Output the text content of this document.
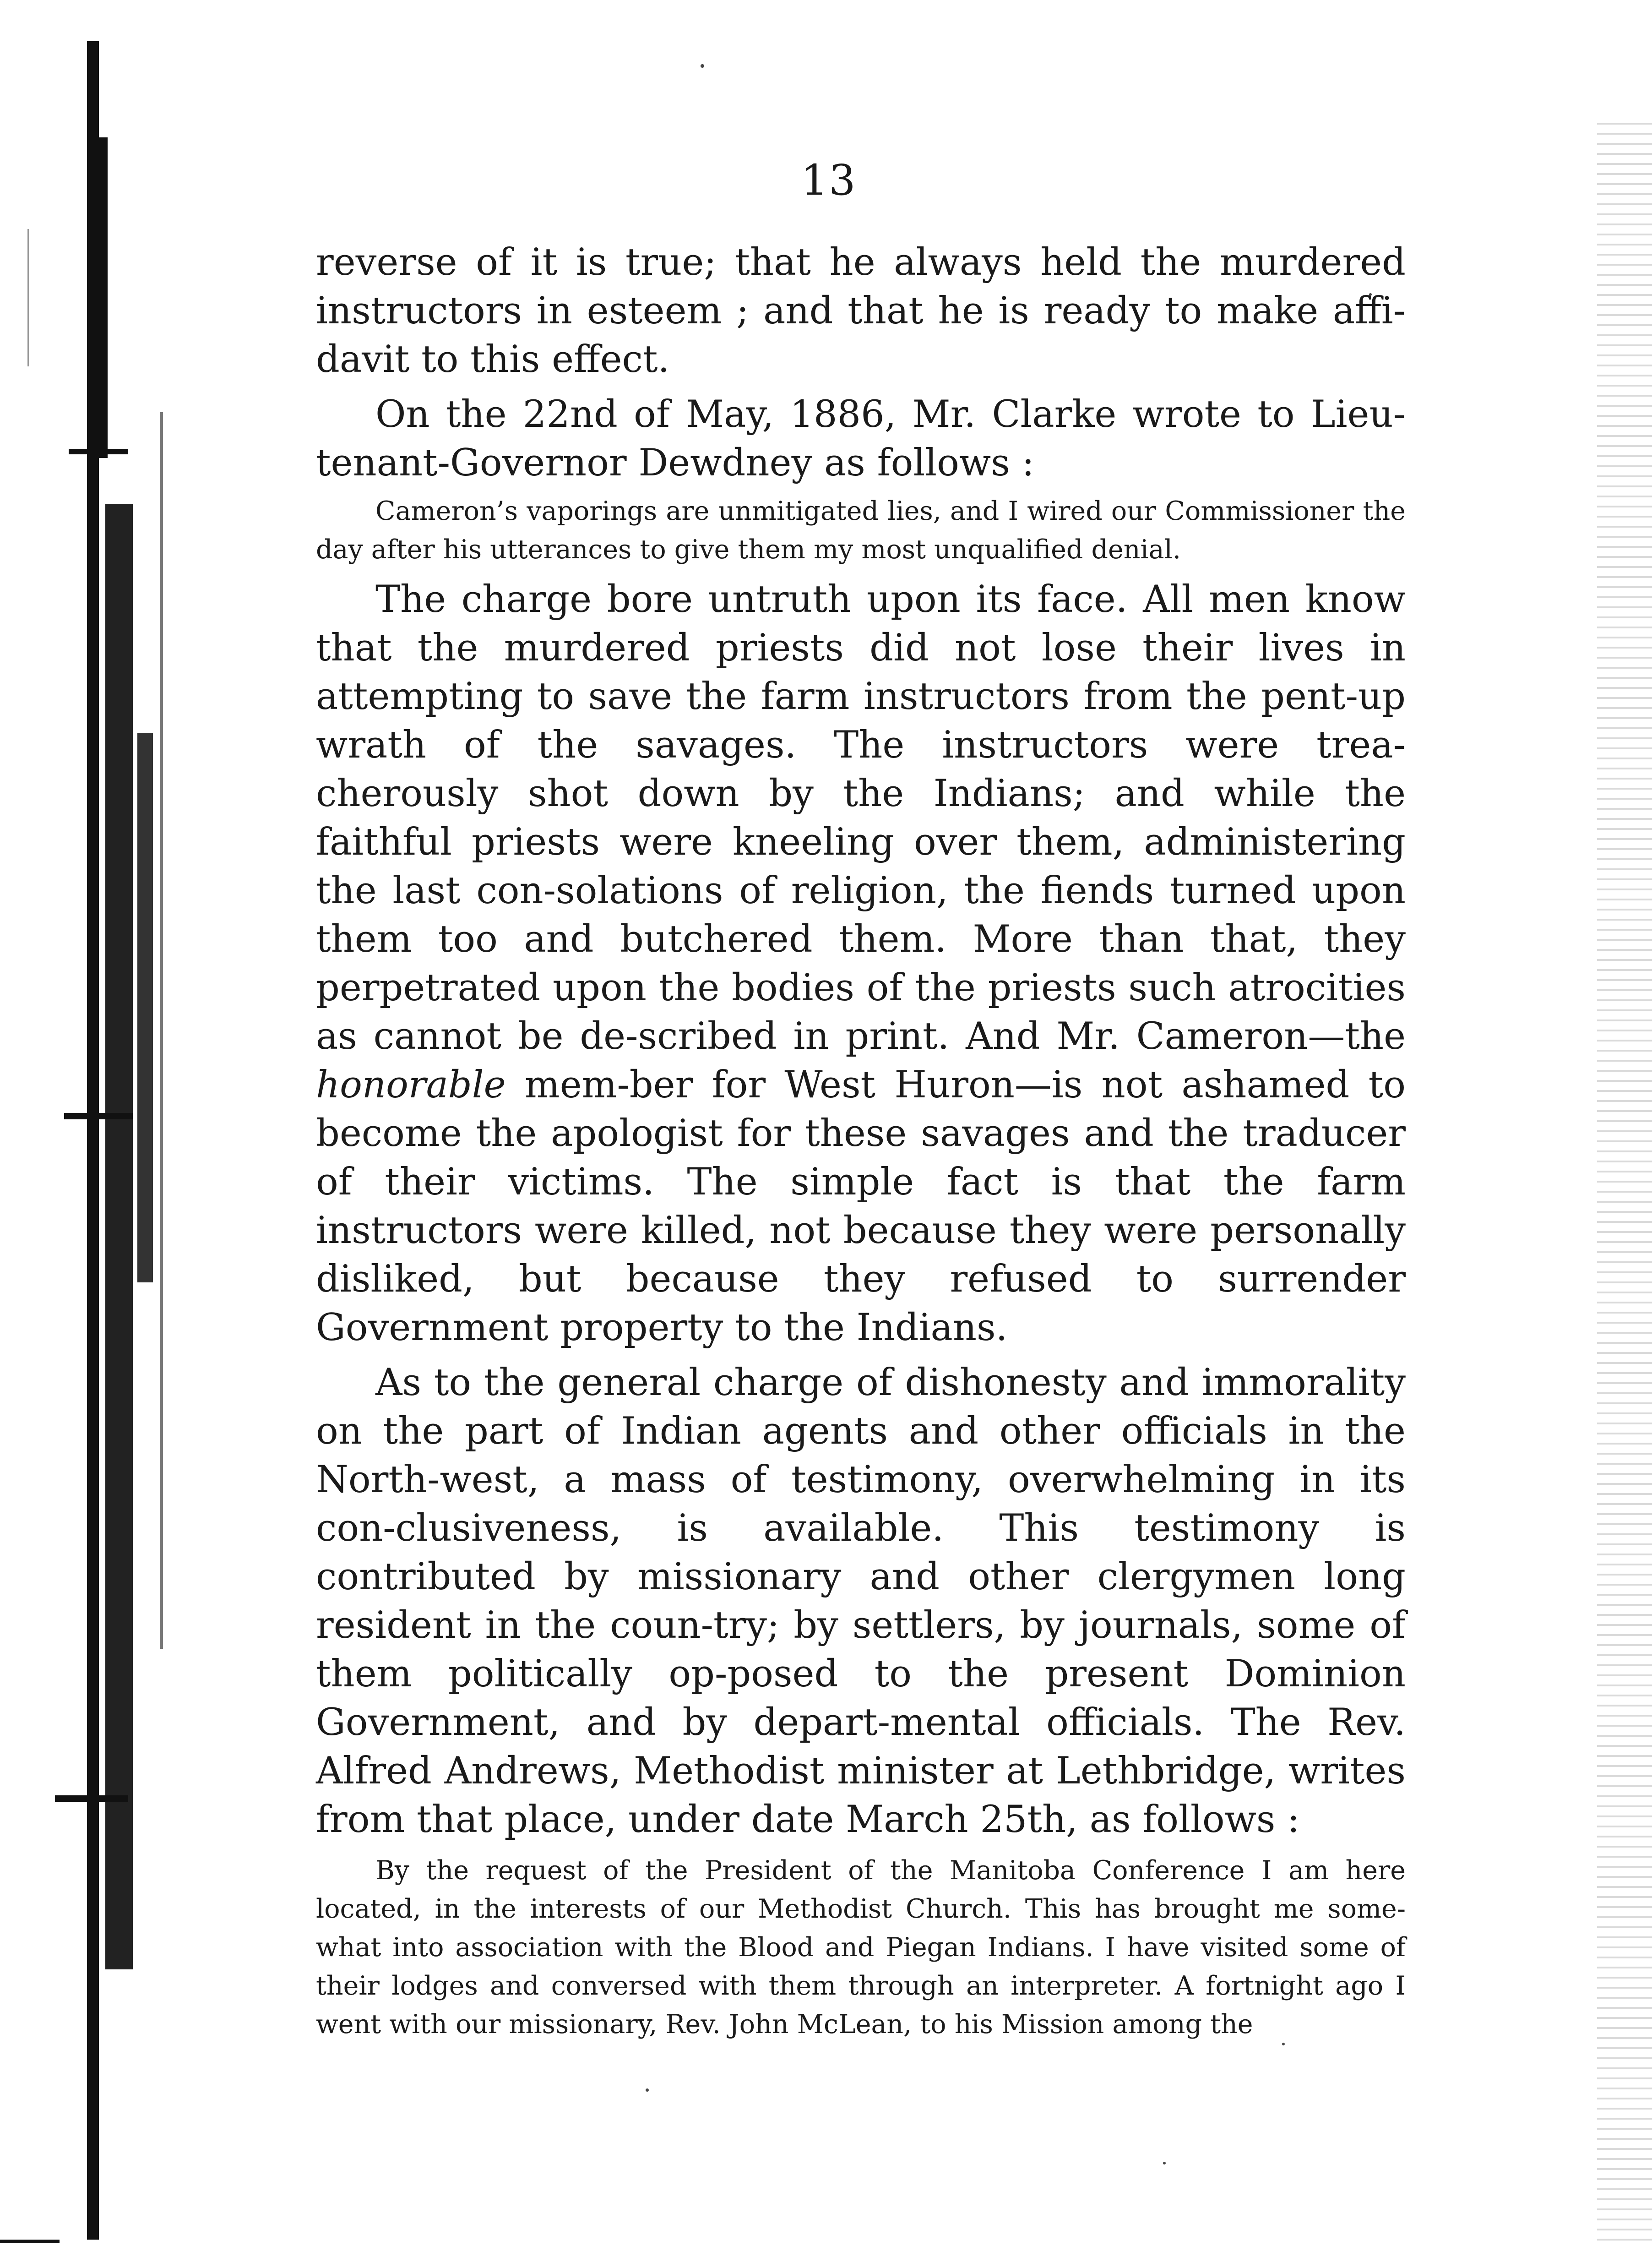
13

reverse of it is true; that he always held the murdered instructors in esteem ; and that he is ready to make affi-davit to this effect.

On the 22nd of May, 1886, Mr. Clarke wrote to Lieu-tenant-Governor Dewdney as follows :

Cameron’s vaporings are unmitigated lies, and I wired our Commissioner the day after his utterances to give them my most unqualified denial.

The charge bore untruth upon its face. All men know that the murdered priests did not lose their lives in attempting to save the farm instructors from the pent-up wrath of the savages. The instructors were trea-cherously shot down by the Indians; and while the faithful priests were kneeling over them, administering the last con-solations of religion, the fiends turned upon them too and butchered them. More than that, they perpetrated upon the bodies of the priests such atrocities as cannot be de-scribed in print. And Mr. Cameron—the honorable mem-ber for West Huron—is not ashamed to become the apologist for these savages and the traducer of their victims. The simple fact is that the farm instructors were killed, not because they were personally disliked, but because they refused to surrender Government property to the Indians.

As to the general charge of dishonesty and immorality on the part of Indian agents and other officials in the North-west, a mass of testimony, overwhelming in its con-clusiveness, is available. This testimony is contributed by missionary and other clergymen long resident in the coun-try; by settlers, by journals, some of them politically op-posed to the present Dominion Government, and by depart-mental officials. The Rev. Alfred Andrews, Methodist minister at Lethbridge, writes from that place, under date March 25th, as follows :

By the request of the President of the Manitoba Conference I am here located, in the interests of our Methodist Church. This has brought me some-what into association with the Blood and Piegan Indians. I have visited some of their lodges and conversed with them through an interpreter. A fortnight ago I went with our missionary, Rev. John McLean, to his Mission among the
